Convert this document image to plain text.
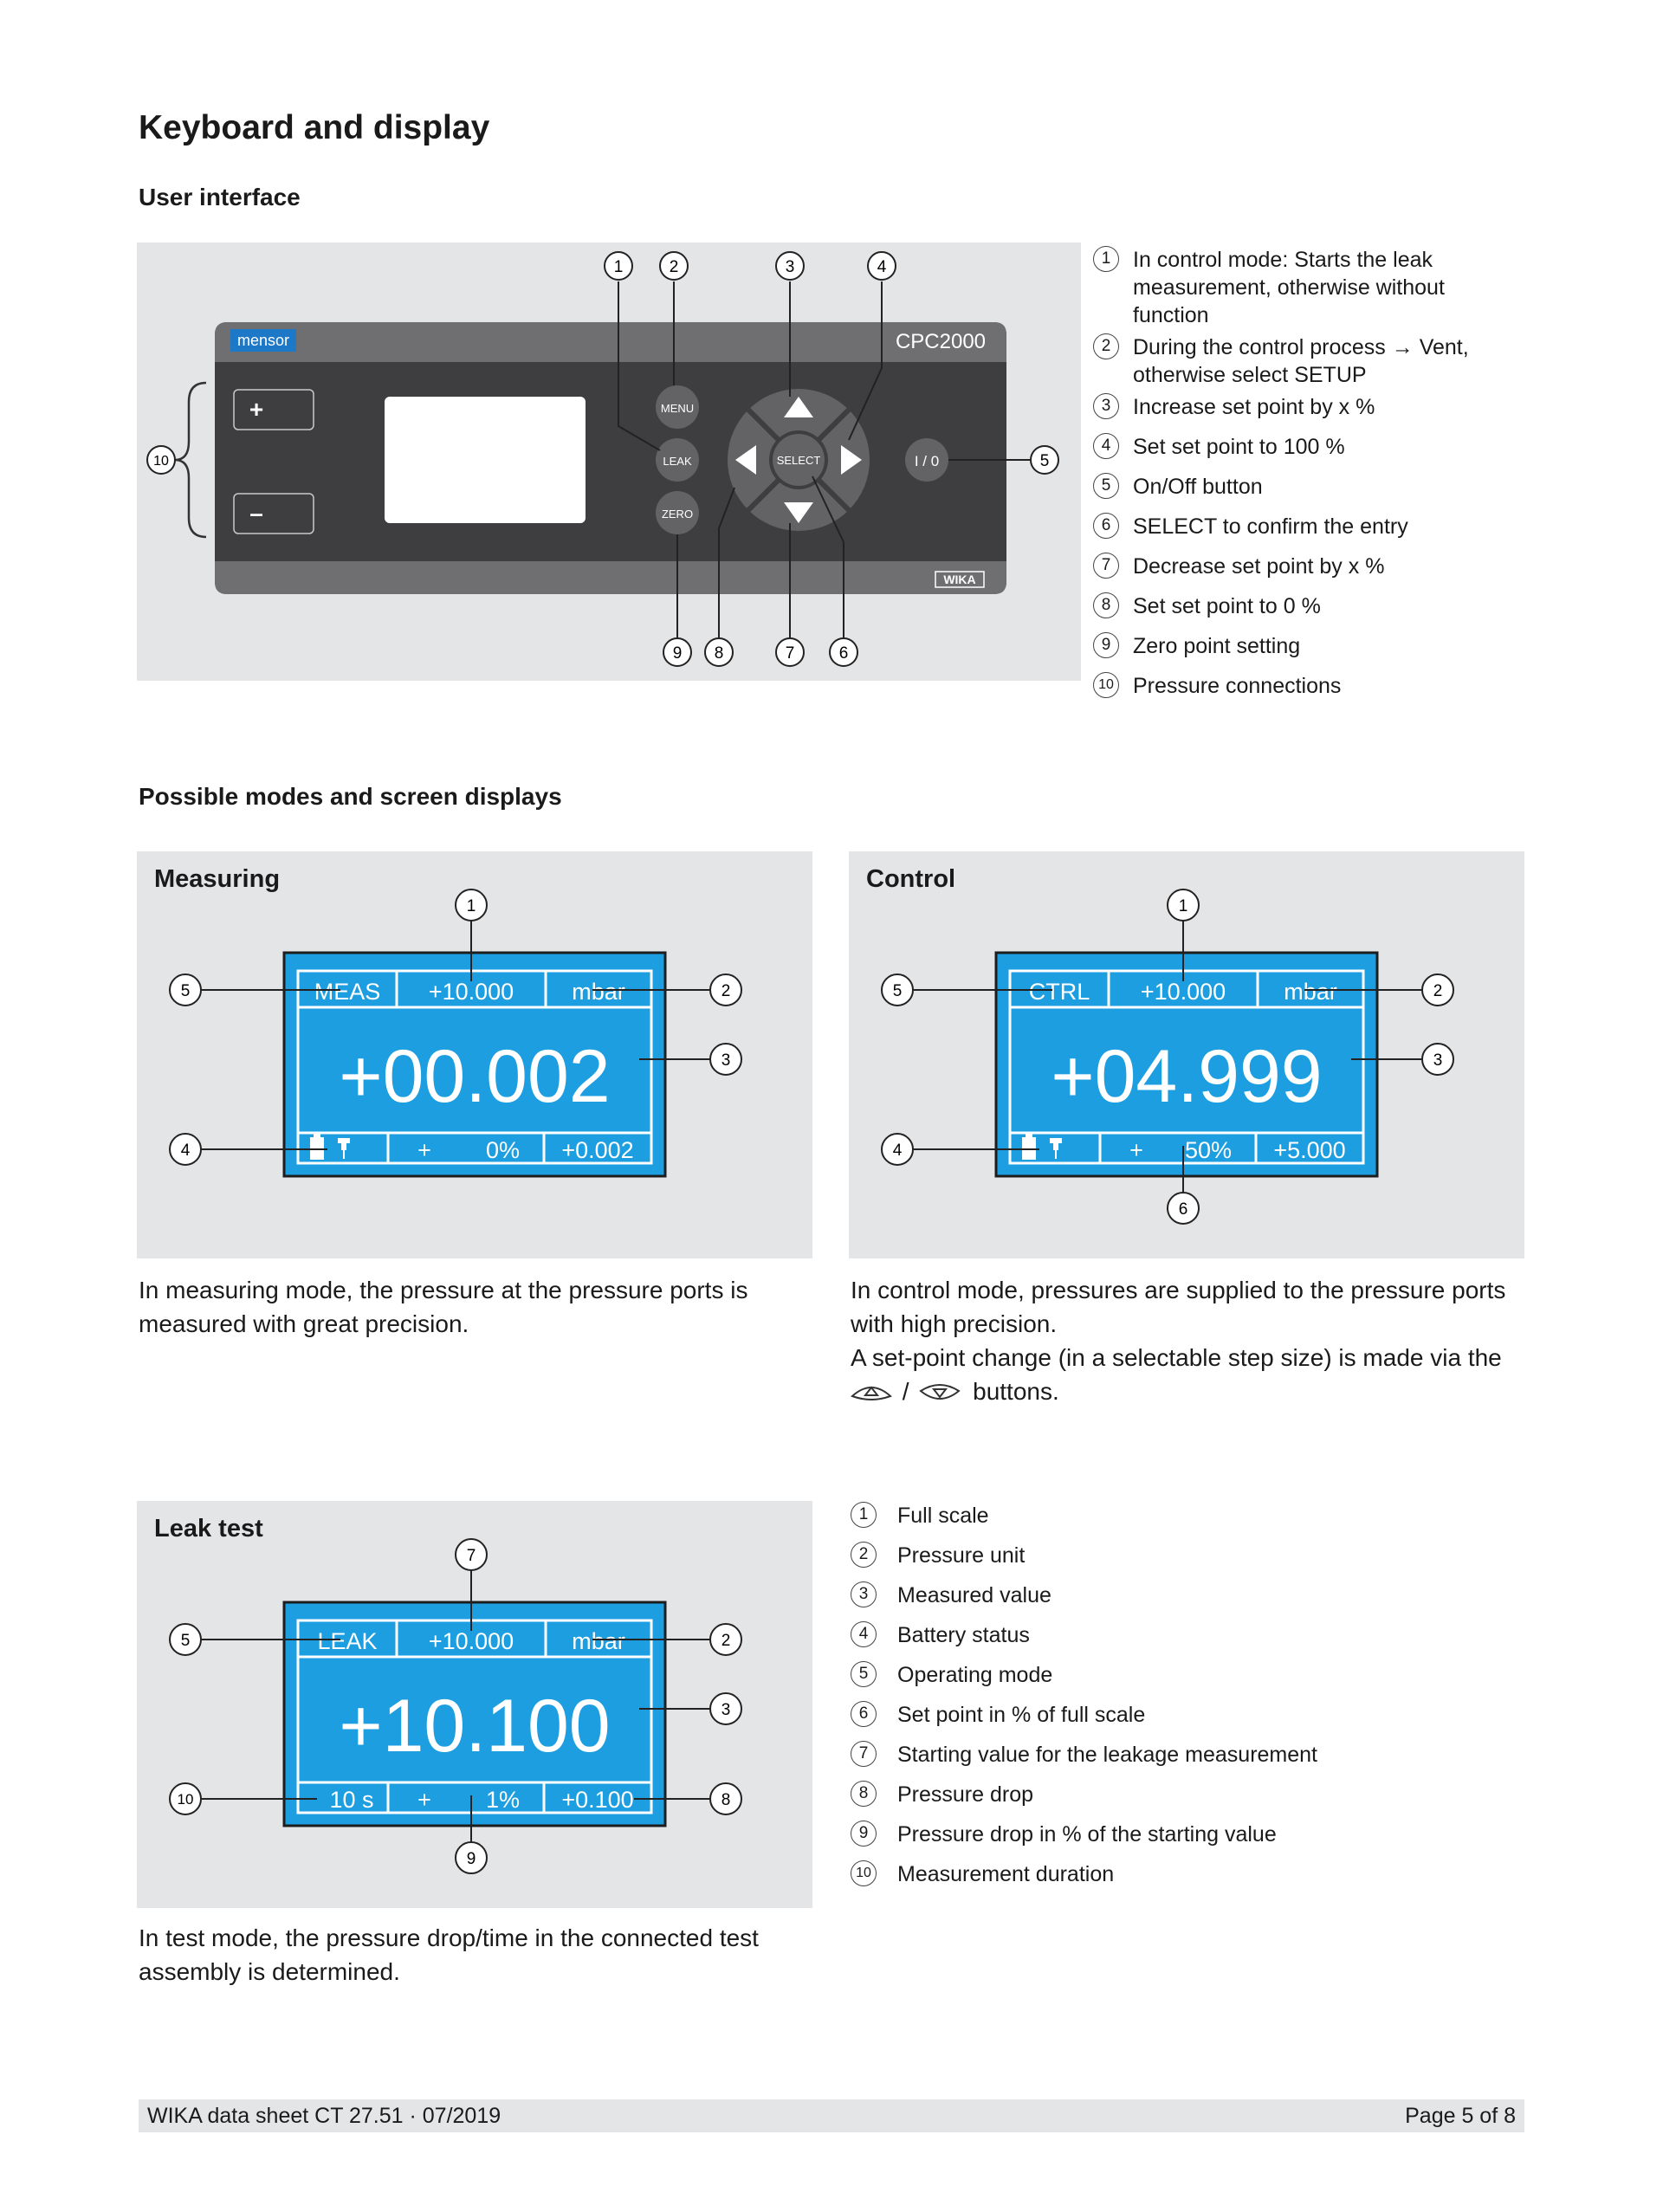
Keyboard and display
User interface
mensor	CPC2000
WIKA
+
–
MENU
LEAK
ZERO
SELECT	I / 0
1	2	3	4
5
6
7
8
9
10
1	In control mode: Starts the leak measurement, otherwise without function
2	During the control process → Vent, otherwise select SETUP
3	Increase set point by x %
4	Set set point to 100 %
5	On/Off button
6	SELECT to confirm the entry
7	Decrease set point by x %
8	Set set point to 0 %
9	Zero point setting
10 Pressure connections
Possible modes and screen displays

Measuring

MEAS +10.000 mbar
+00.002
+ 0% +0.002
1
5	2
3
4

Control

CTRL +10.000 mbar
+04.999
+ 50% +5.000
1
5	2
3
4
6

In measuring mode, the pressure at the pressure ports is measured with great precision.

In control mode, pressures are supplied to the pressure ports with high precision.

A set-point change (in a selectable step size) is made via the

/	buttons.

Leak test

LEAK +10.000 mbar
+10.100
10 s + 1% +0.100
7
5	2
3
10	8
9
1	Full scale
2	Pressure unit
3	Measured value
4	Battery status
5	Operating mode
6	Set point in % of full scale
7	Starting value for the leakage measurement
8	Pressure drop
9	Pressure drop in % of the starting value
10 Measurement duration

In test mode, the pressure drop/time in the connected test assembly is determined.

WIKA data sheet CT 27.51 · 07/2019	Page 5 of 8
